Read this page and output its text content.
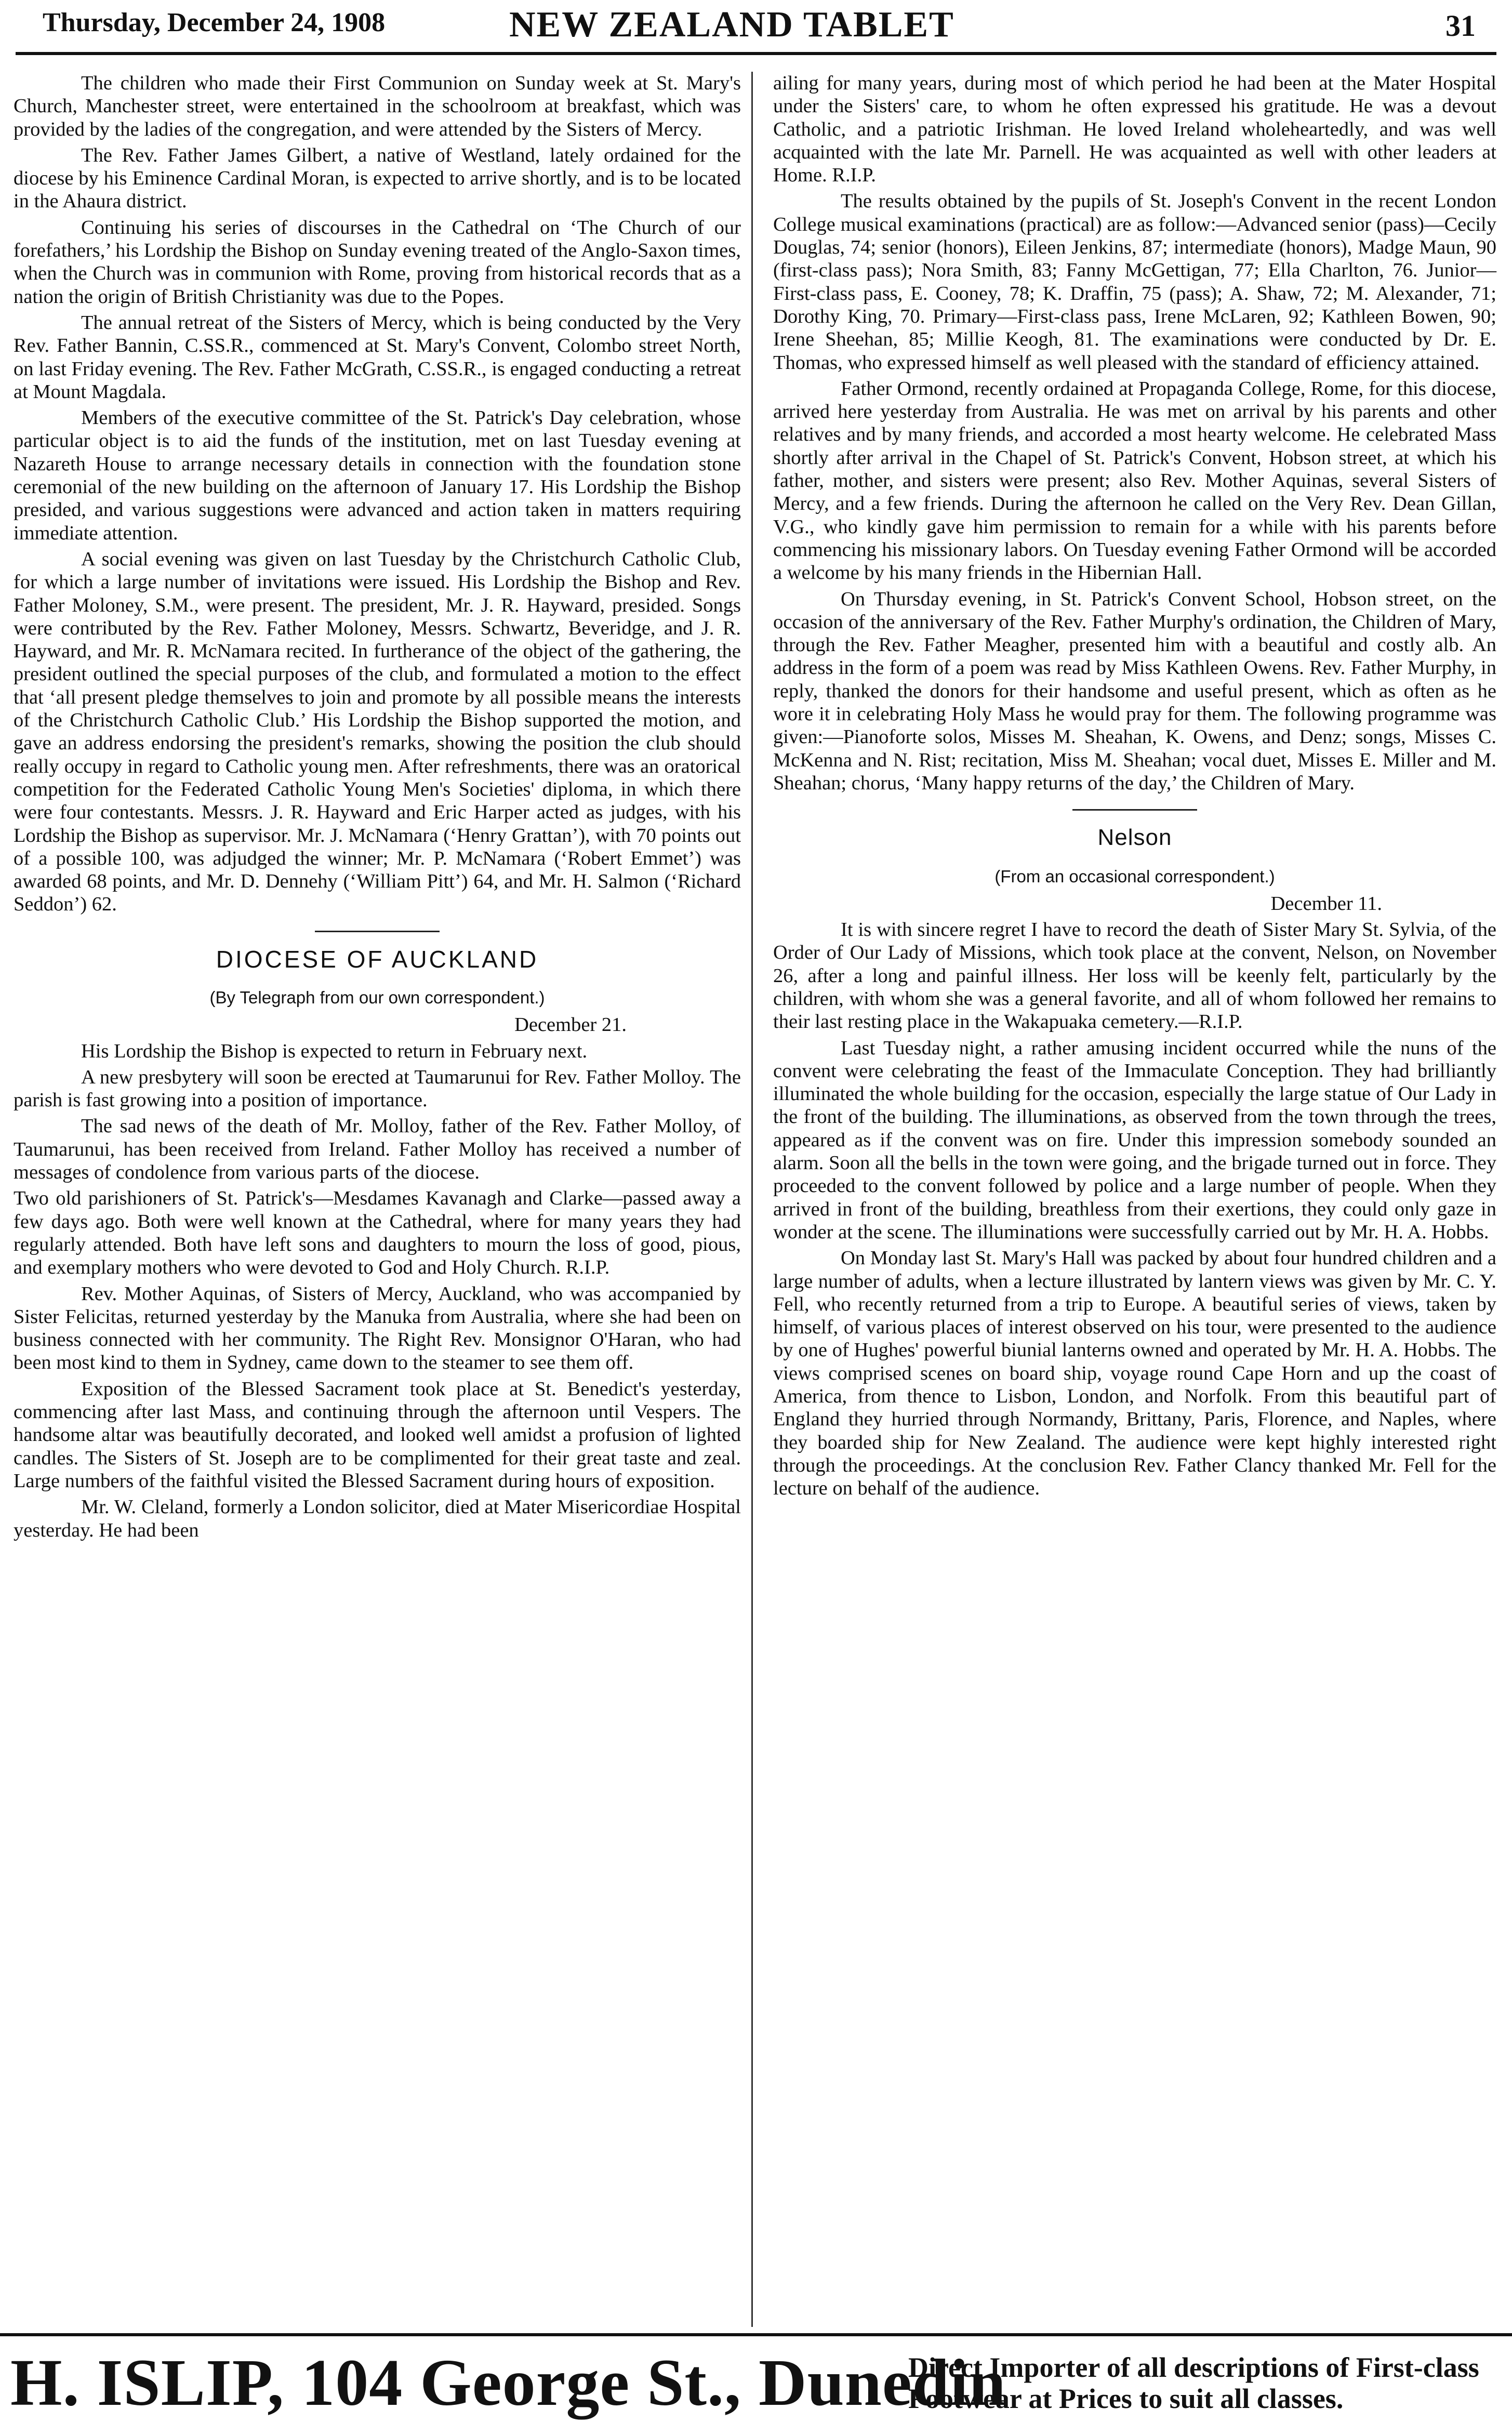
Thursday, December 24, 1908	NEW ZEALAND TABLET	31

The children who made their First Communion on Sunday week at St. Mary's Church, Manchester street, were entertained in the schoolroom at breakfast, which was provided by the ladies of the congregation, and were attended by the Sisters of Mercy.

The Rev. Father James Gilbert, a native of Westland, lately ordained for the diocese by his Eminence Cardinal Moran, is expected to arrive shortly, and is to be located in the Ahaura district.

Continuing his series of discourses in the Cathedral on ‘The Church of our forefathers,’ his Lordship the Bishop on Sunday evening treated of the Anglo-Saxon times, when the Church was in communion with Rome, proving from historical records that as a nation the origin of British Christianity was due to the Popes.

The annual retreat of the Sisters of Mercy, which is being conducted by the Very Rev. Father Bannin, C.SS.R., commenced at St. Mary's Convent, Colombo street North, on last Friday evening. The Rev. Father McGrath, C.SS.R., is engaged conducting a retreat at Mount Magdala.

Members of the executive committee of the St. Patrick's Day celebration, whose particular object is to aid the funds of the institution, met on last Tuesday evening at Nazareth House to arrange necessary details in connection with the foundation stone ceremonial of the new building on the afternoon of January 17. His Lordship the Bishop presided, and various suggestions were advanced and action taken in matters requiring immediate attention.

A social evening was given on last Tuesday by the Christchurch Catholic Club, for which a large number of invitations were issued. His Lordship the Bishop and Rev. Father Moloney, S.M., were present. The president, Mr. J. R. Hayward, presided. Songs were contributed by the Rev. Father Moloney, Messrs. Schwartz, Beveridge, and J. R. Hayward, and Mr. R. McNamara recited. In furtherance of the object of the gathering, the president outlined the special purposes of the club, and formulated a motion to the effect that ‘all present pledge themselves to join and promote by all possible means the interests of the Christchurch Catholic Club.’ His Lordship the Bishop supported the motion, and gave an address endorsing the president's remarks, showing the position the club should really occupy in regard to Catholic young men. After refreshments, there was an oratorical competition for the Federated Catholic Young Men's Societies' diploma, in which there were four contestants. Messrs. J. R. Hayward and Eric Harper acted as judges, with his Lordship the Bishop as supervisor. Mr. J. McNamara (‘Henry Grattan’), with 70 points out of a possible 100, was adjudged the winner; Mr. P. McNamara (‘Robert Emmet’) was awarded 68 points, and Mr. D. Dennehy (‘William Pitt’) 64, and Mr. H. Salmon (‘Richard Seddon’) 62.

DIOCESE OF AUCKLAND
(By Telegraph from our own correspondent.)

December 21.

His Lordship the Bishop is expected to return in February next.

A new presbytery will soon be erected at Taumarunui for Rev. Father Molloy. The parish is fast growing into a position of importance.

The sad news of the death of Mr. Molloy, father of the Rev. Father Molloy, of Taumarunui, has been received from Ireland. Father Molloy has received a number of messages of condolence from various parts of the diocese.

Two old parishioners of St. Patrick's—Mesdames Kavanagh and Clarke—passed away a few days ago. Both were well known at the Cathedral, where for many years they had regularly attended. Both have left sons and daughters to mourn the loss of good, pious, and exemplary mothers who were devoted to God and Holy Church. R.I.P.

Rev. Mother Aquinas, of Sisters of Mercy, Auckland, who was accompanied by Sister Felicitas, returned yesterday by the Manuka from Australia, where she had been on business connected with her community. The Right Rev. Monsignor O'Haran, who had been most kind to them in Sydney, came down to the steamer to see them off.

Exposition of the Blessed Sacrament took place at St. Benedict's yesterday, commencing after last Mass, and continuing through the afternoon until Vespers. The handsome altar was beautifully decorated, and looked well amidst a profusion of lighted candles. The Sisters of St. Joseph are to be complimented for their great taste and zeal. Large numbers of the faithful visited the Blessed Sacrament during hours of exposition.

Mr. W. Cleland, formerly a London solicitor, died at Mater Misericordiae Hospital yesterday. He had been

ailing for many years, during most of which period he had been at the Mater Hospital under the Sisters' care, to whom he often expressed his gratitude. He was a devout Catholic, and a patriotic Irishman. He loved Ireland wholeheartedly, and was well acquainted with the late Mr. Parnell. He was acquainted as well with other leaders at Home. R.I.P.

The results obtained by the pupils of St. Joseph's Convent in the recent London College musical examinations (practical) are as follow:—Advanced senior (pass)—Cecily Douglas, 74; senior (honors), Eileen Jenkins, 87; intermediate (honors), Madge Maun, 90 (first-class pass); Nora Smith, 83; Fanny McGettigan, 77; Ella Charlton, 76. Junior—First-class pass, E. Cooney, 78; K. Draffin, 75 (pass); A. Shaw, 72; M. Alexander, 71; Dorothy King, 70. Primary—First-class pass, Irene McLaren, 92; Kathleen Bowen, 90; Irene Sheehan, 85; Millie Keogh, 81. The examinations were conducted by Dr. E. Thomas, who expressed himself as well pleased with the standard of efficiency attained.

Father Ormond, recently ordained at Propaganda College, Rome, for this diocese, arrived here yesterday from Australia. He was met on arrival by his parents and other relatives and by many friends, and accorded a most hearty welcome. He celebrated Mass shortly after arrival in the Chapel of St. Patrick's Convent, Hobson street, at which his father, mother, and sisters were present; also Rev. Mother Aquinas, several Sisters of Mercy, and a few friends. During the afternoon he called on the Very Rev. Dean Gillan, V.G., who kindly gave him permission to remain for a while with his parents before commencing his missionary labors. On Tuesday evening Father Ormond will be accorded a welcome by his many friends in the Hibernian Hall.

On Thursday evening, in St. Patrick's Convent School, Hobson street, on the occasion of the anniversary of the Rev. Father Murphy's ordination, the Children of Mary, through the Rev. Father Meagher, presented him with a beautiful and costly alb. An address in the form of a poem was read by Miss Kathleen Owens. Rev. Father Murphy, in reply, thanked the donors for their handsome and useful present, which as often as he wore it in celebrating Holy Mass he would pray for them. The following programme was given:—Pianoforte solos, Misses M. Sheahan, K. Owens, and Denz; songs, Misses C. McKenna and N. Rist; recitation, Miss M. Sheahan; vocal duet, Misses E. Miller and M. Sheahan; chorus, ‘Many happy returns of the day,’ the Children of Mary.

Nelson
(From an occasional correspondent.)

December 11.

It is with sincere regret I have to record the death of Sister Mary St. Sylvia, of the Order of Our Lady of Missions, which took place at the convent, Nelson, on November 26, after a long and painful illness. Her loss will be keenly felt, particularly by the children, with whom she was a general favorite, and all of whom followed her remains to their last resting place in the Wakapuaka cemetery.—R.I.P.

Last Tuesday night, a rather amusing incident occurred while the nuns of the convent were celebrating the feast of the Immaculate Conception. They had brilliantly illuminated the whole building for the occasion, especially the large statue of Our Lady in the front of the building. The illuminations, as observed from the town through the trees, appeared as if the convent was on fire. Under this impression somebody sounded an alarm. Soon all the bells in the town were going, and the brigade turned out in force. They proceeded to the convent followed by police and a large number of people. When they arrived in front of the building, breathless from their exertions, they could only gaze in wonder at the scene. The illuminations were successfully carried out by Mr. H. A. Hobbs.

On Monday last St. Mary's Hall was packed by about four hundred children and a large number of adults, when a lecture illustrated by lantern views was given by Mr. C. Y. Fell, who recently returned from a trip to Europe. A beautiful series of views, taken by himself, of various places of interest observed on his tour, were presented to the audience by one of Hughes' powerful biunial lanterns owned and operated by Mr. H. A. Hobbs. The views comprised scenes on board ship, voyage round Cape Horn and up the coast of America, from thence to Lisbon, London, and Norfolk. From this beautiful part of England they hurried through Normandy, Brittany, Paris, Florence, and Naples, where they boarded ship for New Zealand. The audience were kept highly interested right through the proceedings. At the conclusion Rev. Father Clancy thanked Mr. Fell for the lecture on behalf of the audience.

H. ISLIP, 104 George St., Dunedin
Direct Importer of all descriptions of First-class
Footwear at Prices to suit all classes.
